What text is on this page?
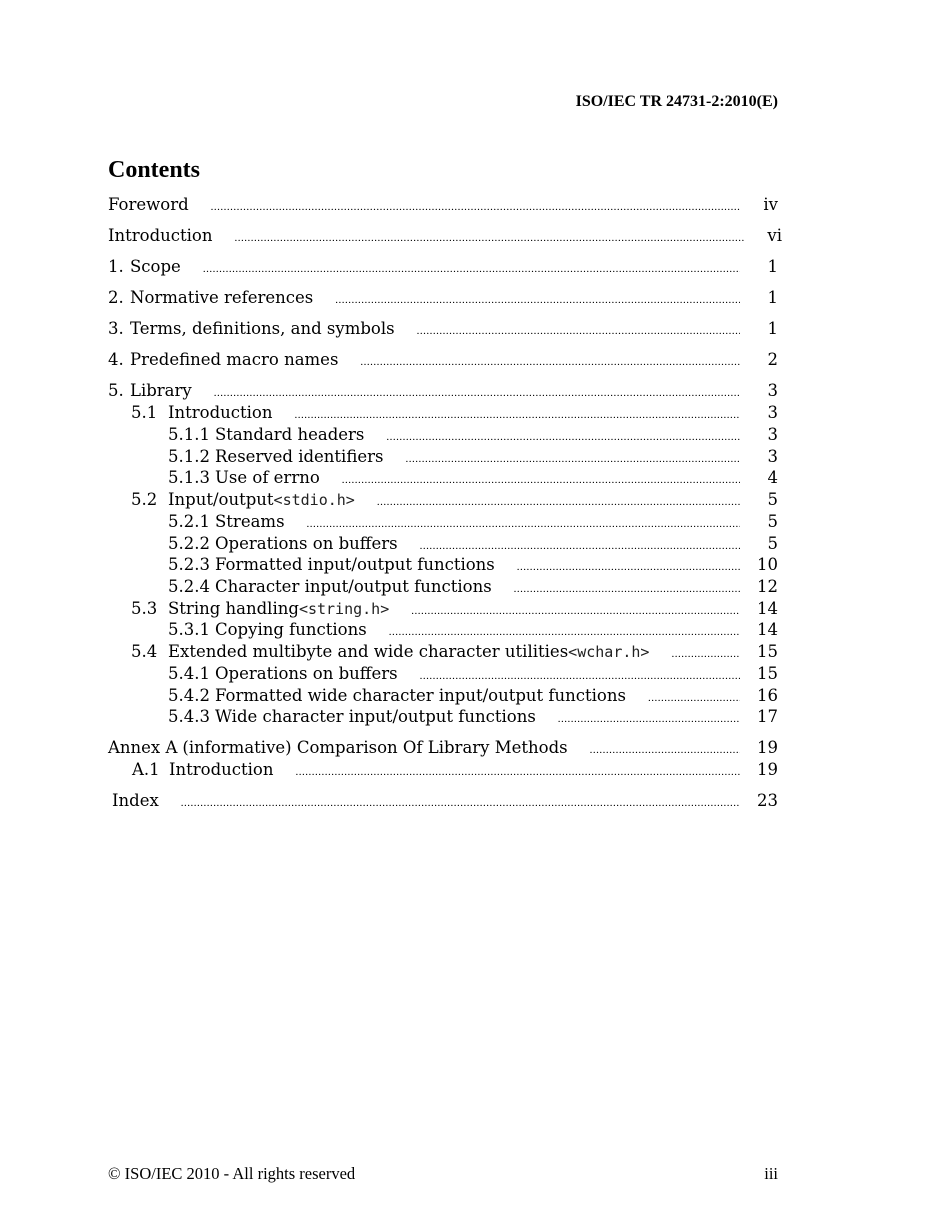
ISO/IEC TR 24731-2:2010(E)
Contents
Foreword .....	iv
Introduction .....	vi
1. Scope .....	1
2. Normative references .....	1
3. Terms, definitions, and symbols .....	1
4. Predefined macro names .....	2
5. Library .....	3
5.1 Introduction .....	3
5.1.1 Standard headers .....	3
5.1.2 Reserved identifiers .....	3
5.1.3 Use of errno .....	4
5.2 Input/output <stdio.h> .....	5
5.2.1 Streams .....	5
5.2.2 Operations on buffers .....	5
5.2.3 Formatted input/output functions .....	10
5.2.4 Character input/output functions .....	12
5.3 String handling <string.h> .....	14
5.3.1 Copying functions .....	14
5.4 Extended multibyte and wide character utilities <wchar.h> .....	15
5.4.1 Operations on buffers .....	15
5.4.2 Formatted wide character input/output functions .....	16
5.4.3 Wide character input/output functions .....	17
Annex A (informative) Comparison Of Library Methods .....	19
A.1 Introduction .....	19
Index .....	23
© ISO/IEC 2010 - All rights reserved	iii
